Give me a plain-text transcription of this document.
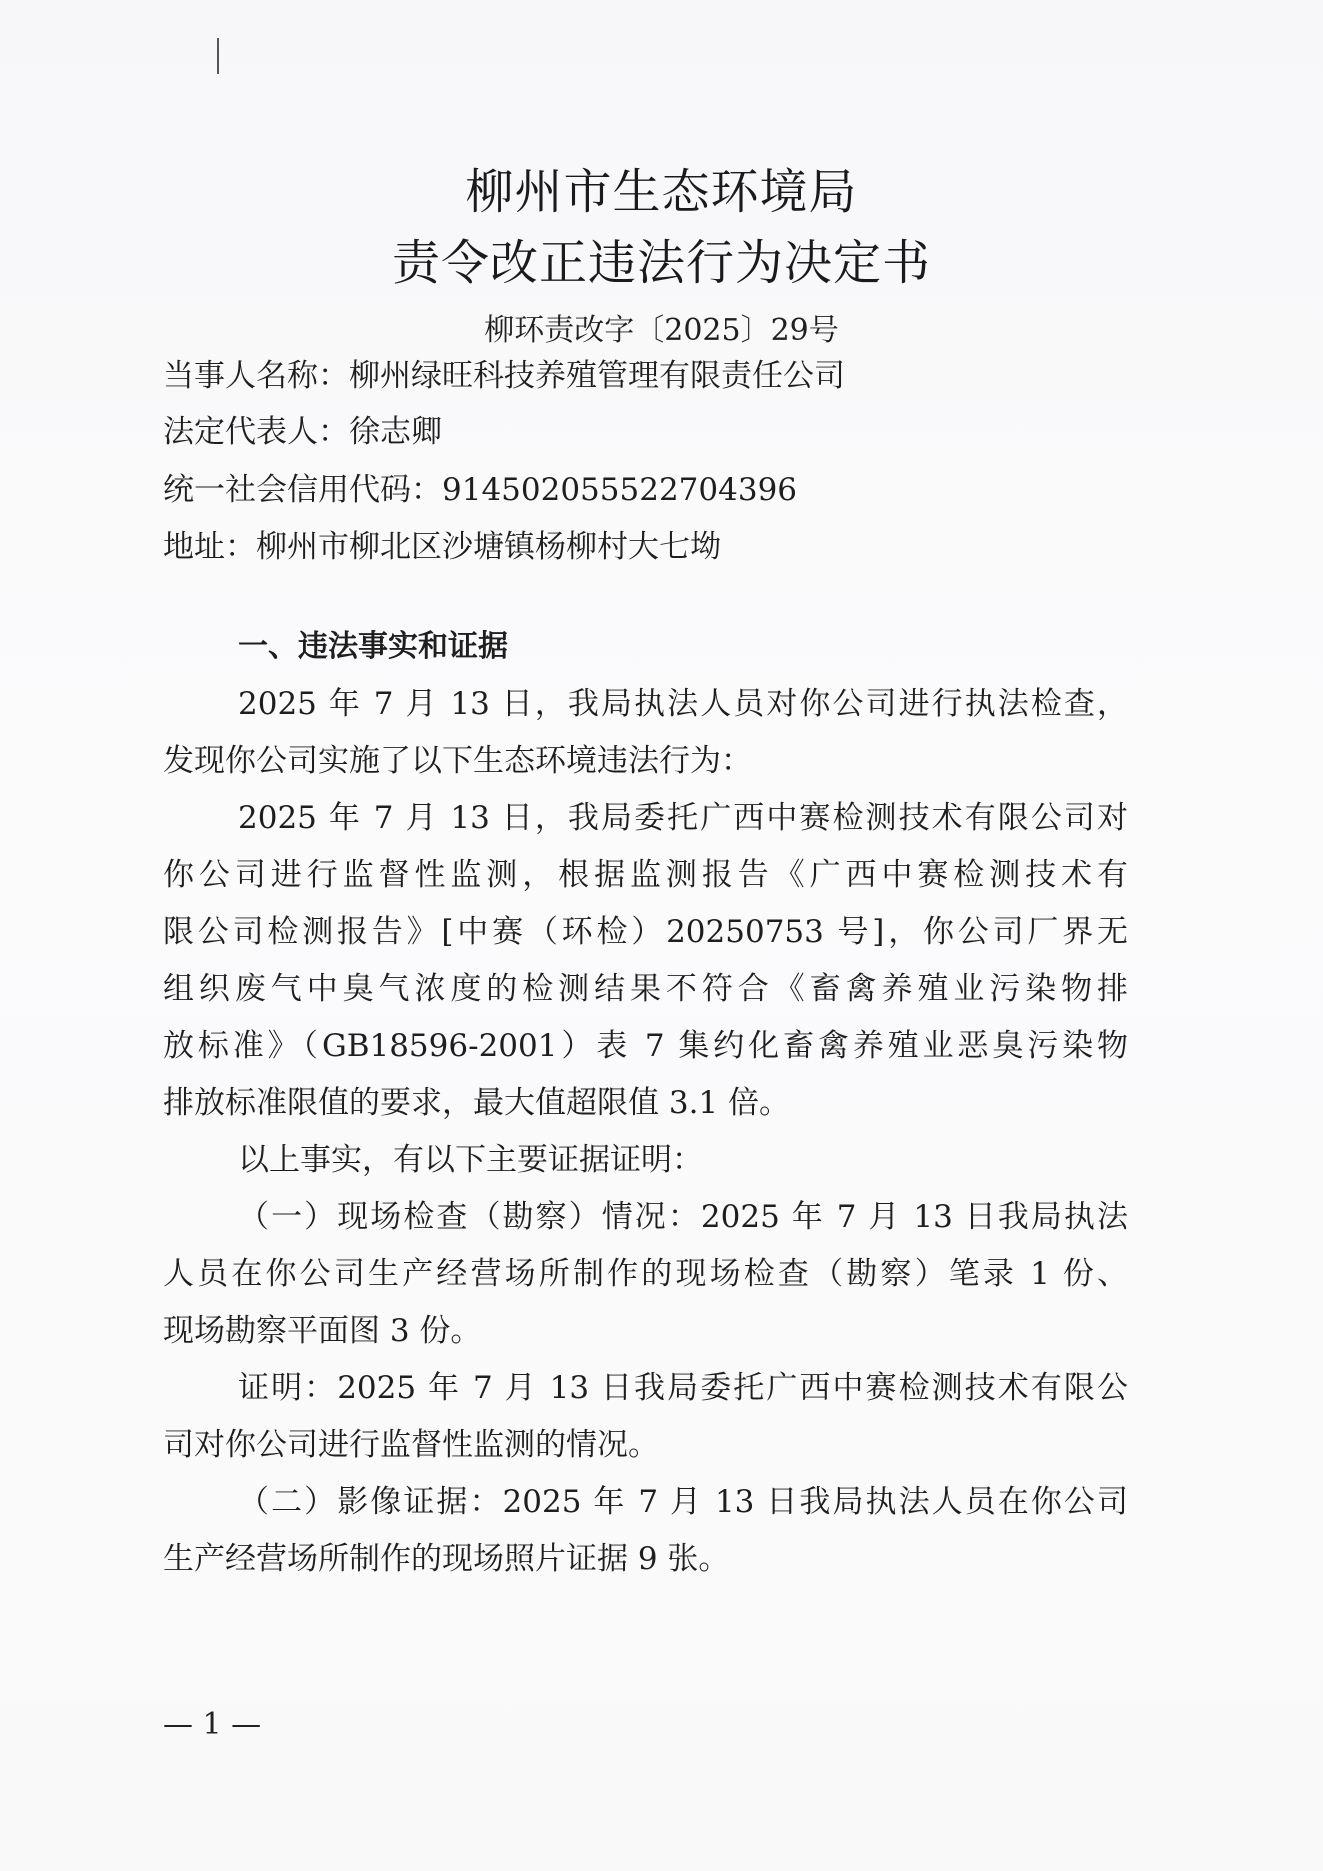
柳州市生态环境局
责令改正违法行为决定书
柳环责改字〔2025〕29号
当事人名称：柳州绿旺科技养殖管理有限责任公司
法定代表人：徐志卿
统一社会信用代码：91450205552270439​6
地址：柳州市柳北区沙塘镇杨柳村大七坳
一、违法事实和证据
2025 年 7 月 13 日，我局执法人员对你公司进行执法检查，
发现你公司实施了以下生态环境违法行为：
2025 年 7 月 13 日，我局委托广西中赛检测技术有限公司对
你公司进行监督性监测，根据监测报告《广西中赛检测技术有
限公司检测报告》[中赛（环检）20250753 号]，你公司厂界无
组织废气中臭气浓度的检测结果不符合《畜禽养殖业污染物排
放标准》（GB18596-2001）表 7 集约化畜禽养殖业恶臭污染物
排放标准限值的要求，最大值超限值 3.1 倍。
以上事实，有以下主要证据证明：
（一）现场检查（勘察）情况：2025 年 7 月 13 日我局执法
人员在你公司生产经营场所制作的现场检查（勘察）笔录 1 份、
现场勘察平面图 3 份。
证明：2025 年 7 月 13 日我局委托广西中赛检测技术有限公
司对你公司进行监督性监测的情况。
（二）影像证据：2025 年 7 月 13 日我局执法人员在你公司
生产经营场所制作的现场照片证据 9 张。
— 1 —
